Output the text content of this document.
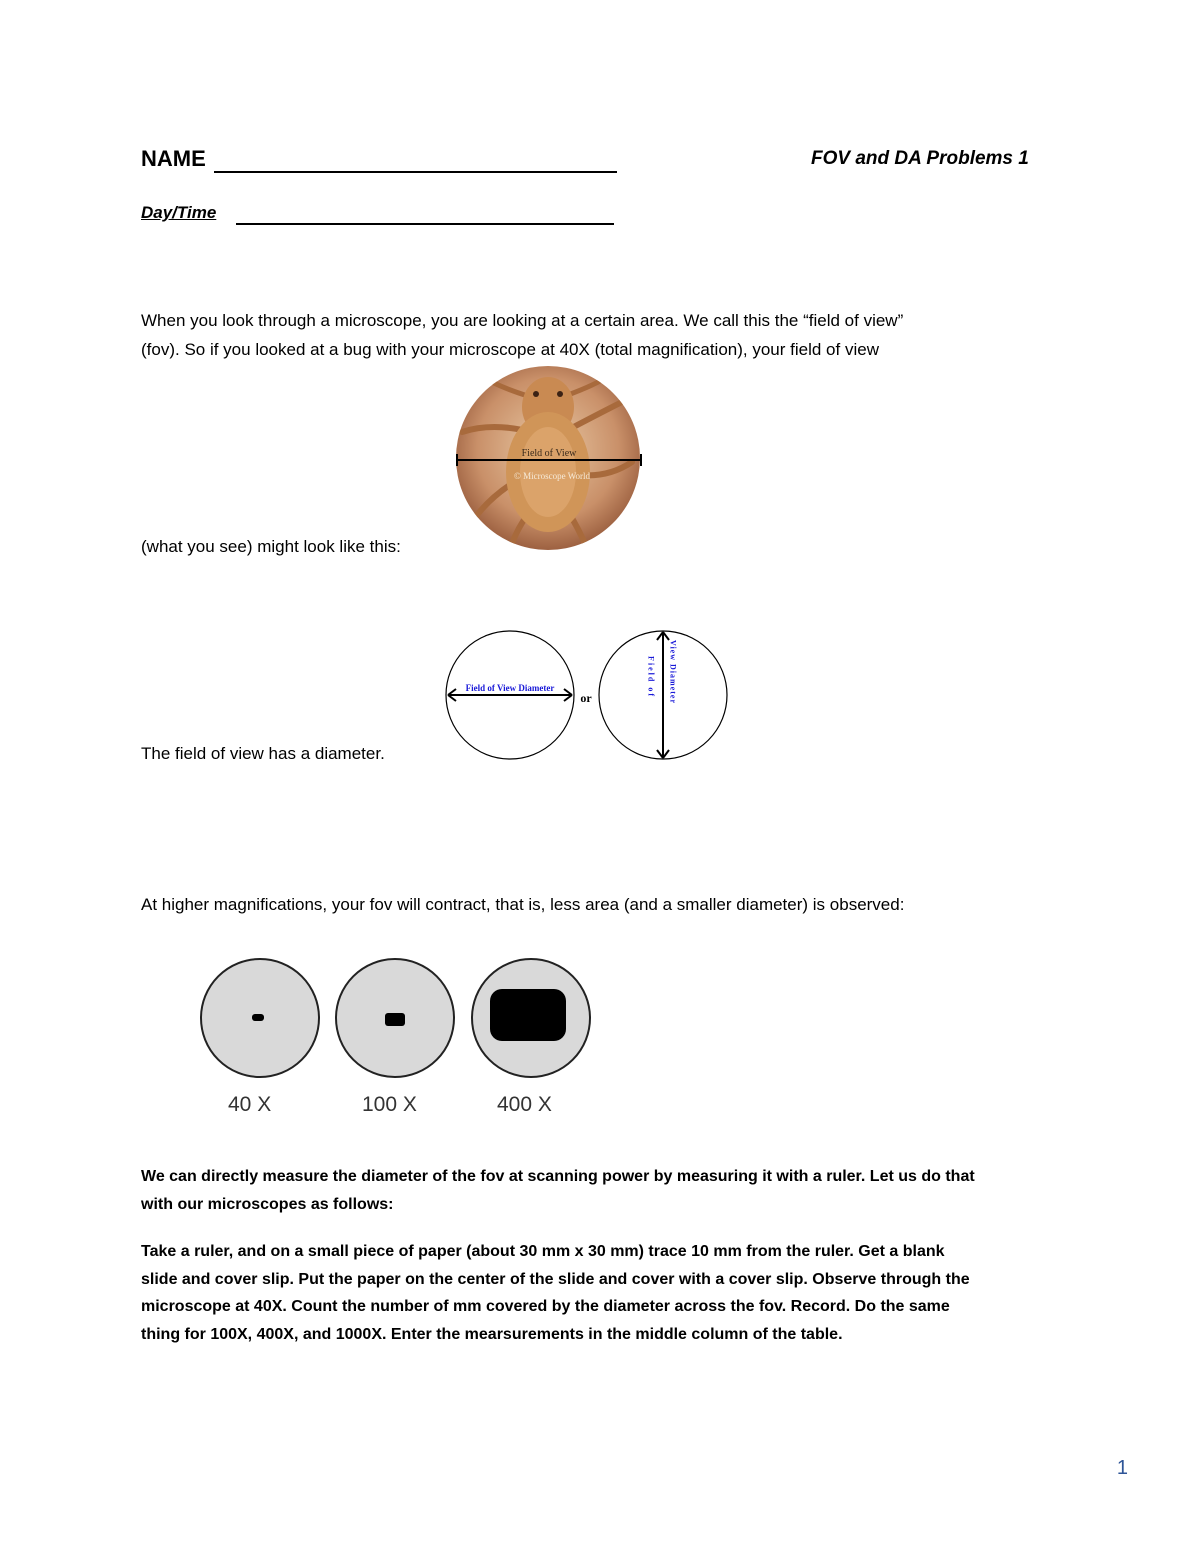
NAME	FOV and DA Problems 1
Day/Time
When you look through a microscope, you are looking at a certain area. We call this the “field of view”
(fov). So if you looked at a bug with your microscope at 40X (total magnification), your field of view
Field of View
© Microscope World
(what you see) might look like this:
Field of View Diameter
or	Field of View Diameter
The field of view has a diameter.
At higher magnifications, your fov will contract, that is, less area (and a smaller diameter) is observed:
40 X	100 X	400 X
We can directly measure the diameter of the fov at scanning power by measuring it with a ruler. Let us do that
with our microscopes as follows:
Take a ruler, and on a small piece of paper (about 30 mm x 30 mm) trace 10 mm from the ruler. Get a blank
slide and cover slip. Put the paper on the center of the slide and cover with a cover slip. Observe through the
microscope at 40X. Count the number of mm covered by the diameter across the fov. Record. Do the same
thing for 100X, 400X, and 1000X. Enter the mearsurements in the middle column of the table.
1
